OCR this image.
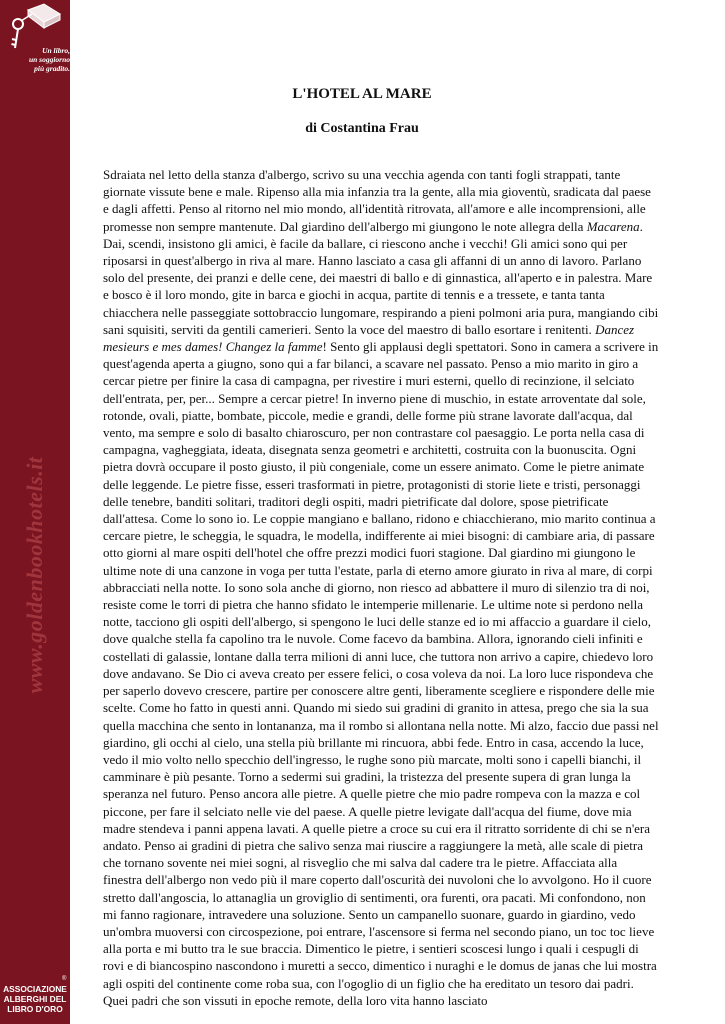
Un libro,
un soggiorno
più gradito.
www.goldenbookhotels.it
®
ASSOCIAZIONE
ALBERGHI DEL
LIBRO D'ORO
L'HOTEL AL MARE
di Costantina Frau

Sdraiata nel letto della stanza d'albergo, scrivo su una vecchia agenda con tanti fogli strappati, tante giornate vissute bene e male. Ripenso alla mia infanzia tra la gente, alla mia gioventù, sradicata dal paese e dagli affetti. Penso al ritorno nel mio mondo, all'identità ritrovata, all'amore e alle incomprensioni, alle promesse non sempre mantenute. Dal giardino dell'albergo mi giungono le note allegra della Macarena. Dai, scendi, insistono gli amici, è facile da ballare, ci riescono anche i vecchi! Gli amici sono qui per riposarsi in quest'albergo in riva al mare. Hanno lasciato a casa gli affanni di un anno di lavoro. Parlano solo del presente, dei pranzi e delle cene, dei maestri di ballo e di ginnastica, all'aperto e in palestra. Mare e bosco è il loro mondo, gite in barca e giochi in acqua, partite di tennis e a tressete, e tanta tanta chiacchera nelle passeggiate sottobraccio lungomare, respirando a pieni polmoni aria pura, mangiando cibi sani squisiti, serviti da gentili camerieri. Sento la voce del maestro di ballo esortare i renitenti. Dancez mesieurs e mes dames! Changez la famme! Sento gli applausi degli spettatori. Sono in camera a scrivere in quest'agenda aperta a giugno, sono qui a far bilanci, a scavare nel passato. Penso a mio marito in giro a cercar pietre per finire la casa di campagna, per rivestire i muri esterni, quello di recinzione, il selciato dell'entrata, per, per... Sempre a cercar pietre! In inverno piene di muschio, in estate arroventate dal sole, rotonde, ovali, piatte, bombate, piccole, medie e grandi, delle forme più strane lavorate dall'acqua, dal vento, ma sempre e solo di basalto chiaroscuro, per non contrastare col paesaggio. Le porta nella casa di campagna, vagheggiata, ideata, disegnata senza geometri e architetti, costruita con la buonuscita. Ogni pietra dovrà occupare il posto giusto, il più congeniale, come un essere animato. Come le pietre animate delle leggende. Le pietre fisse, esseri trasformati in pietre, protagonisti di storie liete e tristi, personaggi delle tenebre, banditi solitari, traditori degli ospiti, madri pietrificate dal dolore, spose pietrificate dall'attesa. Come lo sono io. Le coppie mangiano e ballano, ridono e chiacchierano, mio marito continua a cercare pietre, le scheggia, le squadra, le modella, indifferente ai miei bisogni: di cambiare aria, di passare otto giorni al mare ospiti dell'hotel che offre prezzi modici fuori stagione. Dal giardino mi giungono le ultime note di una canzone in voga per tutta l'estate, parla di eterno amore giurato in riva al mare, di corpi abbracciati nella notte. Io sono sola anche di giorno, non riesco ad abbattere il muro di silenzio tra di noi, resiste come le torri di pietra che hanno sfidato le intemperie millenarie. Le ultime note si perdono nella notte, tacciono gli ospiti dell'albergo, si spengono le luci delle stanze ed io mi affaccio a guardare il cielo, dove qualche stella fa capolino tra le nuvole. Come facevo da bambina. Allora, ignorando cieli infiniti e costellati di galassie, lontane dalla terra milioni di anni luce, che tuttora non arrivo a capire, chiedevo loro dove andavano. Se Dio ci aveva creato per essere felici, o cosa voleva da noi. La loro luce rispondeva che per saperlo dovevo crescere, partire per conoscere altre genti, liberamente scegliere e rispondere delle mie scelte. Come ho fatto in questi anni. Quando mi siedo sui gradini di granito in attesa, prego che sia la sua quella macchina che sento in lontananza, ma il rombo si allontana nella notte. Mi alzo, faccio due passi nel giardino, gli occhi al cielo, una stella più brillante mi rincuora, abbi fede. Entro in casa, accendo la luce, vedo il mio volto nello specchio dell'ingresso, le rughe sono più marcate, molti sono i capelli bianchi, il camminare è più pesante. Torno a sedermi sui gradini, la tristezza del presente supera di gran lunga la speranza nel futuro. Penso ancora alle pietre. A quelle pietre che mio padre rompeva con la mazza e col piccone, per fare il selciato nelle vie del paese. A quelle pietre levigate dall'acqua del fiume, dove mia madre stendeva i panni appena lavati. A quelle pietre a croce su cui era il ritratto sorridente di chi se n'era andato. Penso ai gradini di pietra che salivo senza mai riuscire a raggiungere la metà, alle scale di pietra che tornano sovente nei miei sogni, al risveglio che mi salva dal cadere tra le pietre. Affacciata alla finestra dell'albergo non vedo più il mare coperto dall'oscurità dei nuvoloni che lo avvolgono. Ho il cuore stretto dall'angoscia, lo attanaglia un groviglio di sentimenti, ora furenti, ora pacati. Mi confondono, non mi fanno ragionare, intravedere una soluzione. Sento un campanello suonare, guardo in giardino, vedo un'ombra muoversi con circospezione, poi entrare, l'ascensore si ferma nel secondo piano, un toc toc lieve alla porta e mi butto tra le sue braccia. Dimentico le pietre, i sentieri scoscesi lungo i quali i cespugli di rovi e di biancospino nascondono i muretti a secco, dimentico i nuraghi e le domus de janas che lui mostra agli ospiti del continente come roba sua, con l'ogoglio di un figlio che ha ereditato un tesoro dai padri. Quei padri che son vissuti in epoche remote, della loro vita hanno lasciato
